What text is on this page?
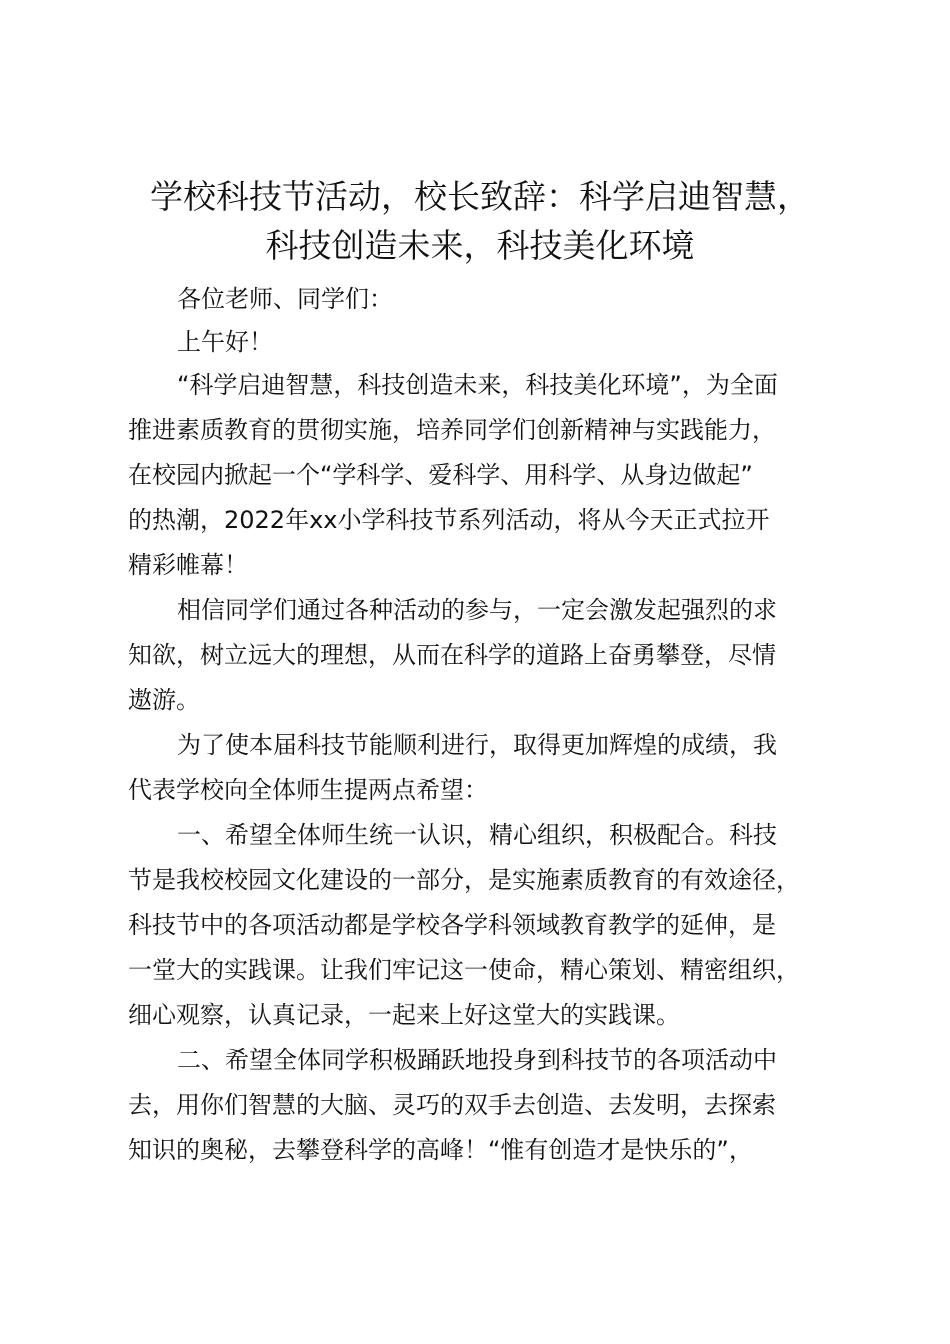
学校科技节活动，校长致辞：科学启迪智慧，
科技创造未来，科技美化环境
各位老师、同学们：
上午好！
“科学启迪智慧，科技创造未来，科技美化环境”，为全面
推进素质教育的贯彻实施，培养同学们创新精神与实践能力，
在校园内掀起一个“学科学、爱科学、用科学、从身边做起”
的热潮，2022年xx小学科技节系列活动，将从今天正式拉开
精彩帷幕！
相信同学们通过各种活动的参与，一定会激发起强烈的求
知欲，树立远大的理想，从而在科学的道路上奋勇攀登，尽情
遨游。
为了使本届科技节能顺利进行，取得更加辉煌的成绩，我
代表学校向全体师生提两点希望：
一、希望全体师生统一认识，精心组织，积极配合。科技
节是我校校园文化建设的一部分，是实施素质教育的有效途径，
科技节中的各项活动都是学校各学科领域教育教学的延伸，是
一堂大的实践课。让我们牢记这一使命，精心策划、精密组织，
细心观察，认真记录，一起来上好这堂大的实践课。
二、希望全体同学积极踊跃地投身到科技节的各项活动中
去，用你们智慧的大脑、灵巧的双手去创造、去发明，去探索
知识的奥秘，去攀登科学的高峰！“惟有创造才是快乐的”，
